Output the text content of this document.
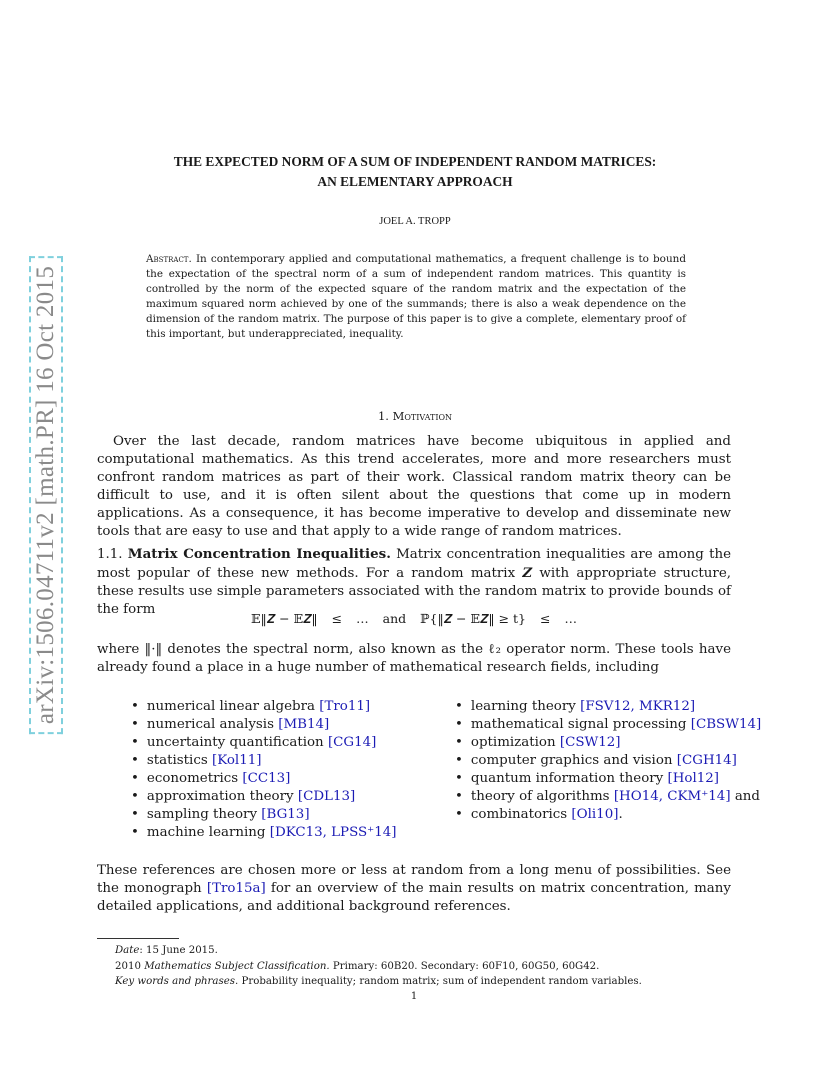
arXiv:1506.04711v2 [math.PR] 16 Oct 2015
THE EXPECTED NORM OF A SUM OF INDEPENDENT RANDOM MATRICES:
AN ELEMENTARY APPROACH
JOEL A. TROPP
Abstract. In contemporary applied and computational mathematics, a frequent challenge is to bound the expectation of the spectral norm of a sum of independent random matrices. This quantity is controlled by the norm of the expected square of the random matrix and the expectation of the maximum squared norm achieved by one of the summands; there is also a weak dependence on the dimension of the random matrix. The purpose of this paper is to give a complete, elementary proof of this important, but underappreciated, inequality.
1. Motivation
Over the last decade, random matrices have become ubiquitous in applied and computational mathematics. As this trend accelerates, more and more researchers must confront random matrices as part of their work. Classical random matrix theory can be difficult to use, and it is often silent about the questions that come up in modern applications. As a consequence, it has become imperative to develop and disseminate new tools that are easy to use and that apply to a wide range of random matrices.
1.1. Matrix Concentration Inequalities. Matrix concentration inequalities are among the most popular of these new methods. For a random matrix Z with appropriate structure, these results use simple parameters associated with the random matrix to provide bounds of the form
𝔼‖𝒁 − 𝔼𝒁‖ ≤ … and ℙ{‖𝒁 − 𝔼𝒁‖ ≥ t} ≤ …
where ‖·‖ denotes the spectral norm, also known as the ℓ₂ operator norm. These tools have already found a place in a huge number of mathematical research fields, including
• numerical linear algebra [Tro11]
• numerical analysis [MB14]
• uncertainty quantification [CG14]
• statistics [Kol11]
• econometrics [CC13]
• approximation theory [CDL13]
• sampling theory [BG13]
• machine learning [DKC13, LPSS⁺14]
• learning theory [FSV12, MKR12]
• mathematical signal processing [CBSW14]
• optimization [CSW12]
• computer graphics and vision [CGH14]
• quantum information theory [Hol12]
• theory of algorithms [HO14, CKM⁺14] and
• combinatorics [Oli10].
These references are chosen more or less at random from a long menu of possibilities. See the monograph [Tro15a] for an overview of the main results on matrix concentration, many detailed applications, and additional background references.
Date: 15 June 2015.
2010 Mathematics Subject Classification. Primary: 60B20. Secondary: 60F10, 60G50, 60G42.
Key words and phrases. Probability inequality; random matrix; sum of independent random variables.
1
